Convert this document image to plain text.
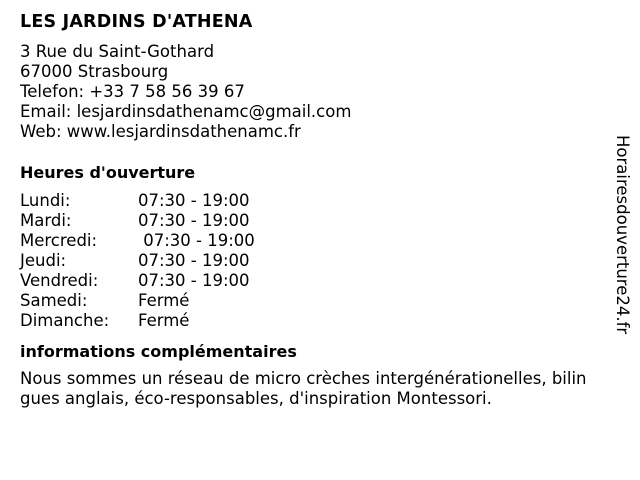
LES JARDINS D'ATHENA
3 Rue du Saint-Gothard
67000 Strasbourg
Telefon: +33 7 58 56 39 67
Email: lesjardinsdathenamc@gmail.com
Web: www.lesjardinsdathenamc.fr
Heures d'ouverture
Lundi:	07:30 - 19:00
Mardi:	07:30 - 19:00
Mercredi:	07:30 - 19:00
Jeudi:	07:30 - 19:00
Vendredi:	07:30 - 19:00
Samedi:	Fermé
Dimanche:	Fermé
informations complémentaires
Nous sommes un réseau de micro crèches intergénérationelles, bilingues anglais, éco-responsables, d'inspiration Montessori.
Horairesdouverture24.fr
